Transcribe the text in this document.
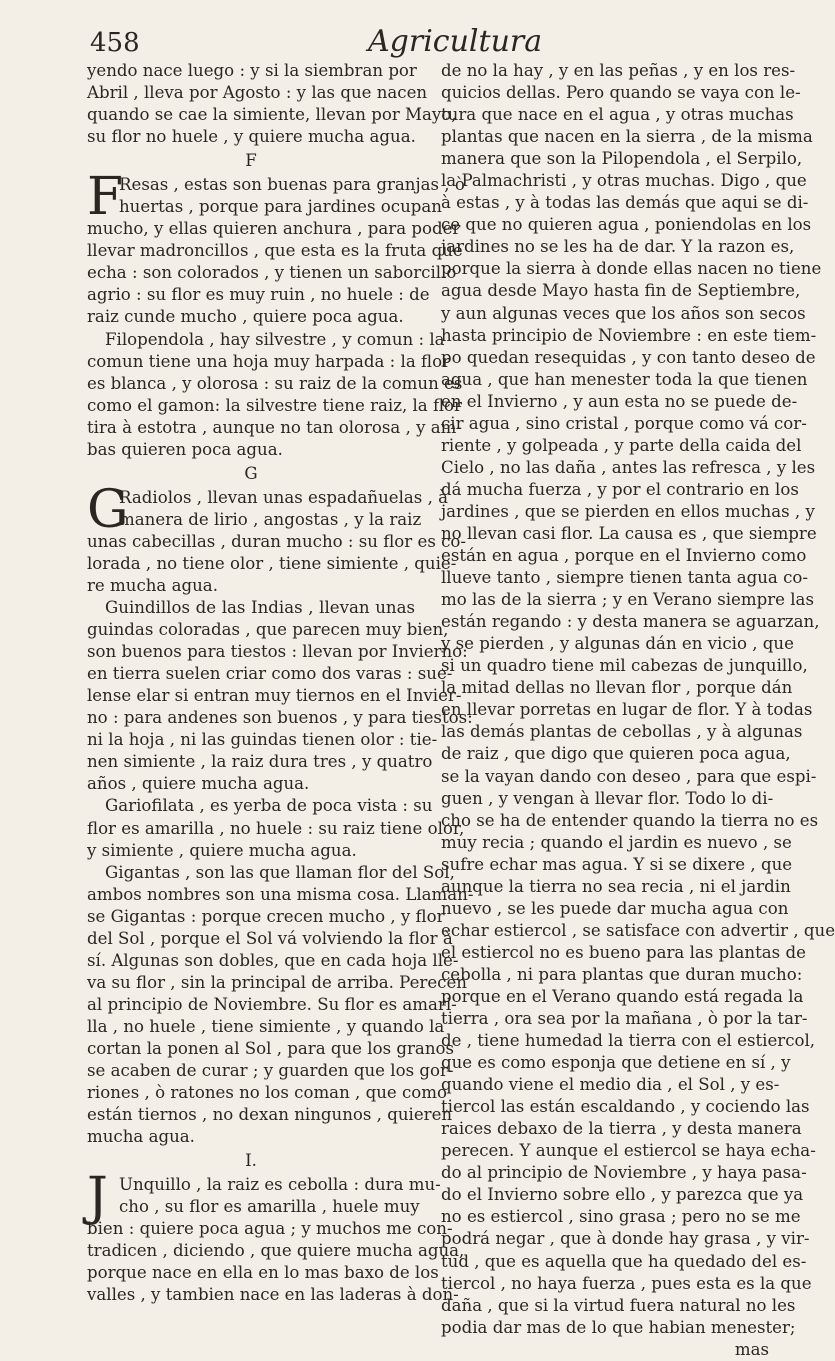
458	Agricultura
yendo nace luego : y si la siembran por
Abril , lleva por Agosto : y las que nacen
quando se cae la simiente, llevan por Mayo,
su flor no huele , y quiere mucha agua.
F
F
Resas , estas son buenas para granjas , ò
huertas , porque para jardines ocupan
mucho, y ellas quieren anchura , para poder
llevar madroncillos , que esta es la fruta que
echa : son colorados , y tienen un saborcillo
agrio : su flor es muy ruin , no huele : de
raiz cunde mucho , quiere poca agua.
Filopendola , hay silvestre , y comun : la
comun tiene una hoja muy harpada : la flor
es blanca , y olorosa : su raiz de la comun es
como el gamon: la silvestre tiene raiz, la flor
tira à estotra , aunque no tan olorosa , y am-
bas quieren poca agua.
G
G
Radiolos , llevan unas espadañuelas , à
manera de lirio , angostas , y la raiz
unas cabecillas , duran mucho : su flor es co-
lorada , no tiene olor , tiene simiente , quie-
re mucha agua.
Guindillos de las Indias , llevan unas
guindas coloradas , que parecen muy bien,
son buenos para tiestos : llevan por Invierno:
en tierra suelen criar como dos varas : sue-
lense elar si entran muy tiernos en el Invier-
no : para andenes son buenos , y para tiestos:
ni la hoja , ni las guindas tienen olor : tie-
nen simiente , la raiz dura tres , y quatro
años , quiere mucha agua.
Gariofilata , es yerba de poca vista : su
flor es amarilla , no huele : su raiz tiene olor,
y simiente , quiere mucha agua.
Gigantas , son las que llaman flor del Sol,
ambos nombres son una misma cosa. Llaman-
se Gigantas : porque crecen mucho , y flor
del Sol , porque el Sol vá volviendo la flor à
sí. Algunas son dobles, que en cada hoja lle-
va su flor , sin la principal de arriba. Perecen
al principio de Noviembre. Su flor es amari-
lla , no huele , tiene simiente , y quando la
cortan la ponen al Sol , para que los granos
se acaben de curar ; y guarden que los gor-
riones , ò ratones no los coman , que como
están tiernos , no dexan ningunos , quieren
mucha agua.
I.
J Unquillo , la raiz es cebolla : dura mu-
cho , su flor es amarilla , huele muy
bien : quiere poca agua ; y muchos me con-
tradicen , diciendo , que quiere mucha agua,
porque nace en ella en lo mas baxo de los
valles , y tambien nace en las laderas à don-
de no la hay , y en las peñas , y en los res-
quicios dellas. Pero quando se vaya con le-
tura que nace en el agua , y otras muchas
plantas que nacen en la sierra , de la misma
manera que son la Pilopendola , el Serpilo,
la Palmachristi , y otras muchas. Digo , que
à estas , y à todas las demás que aqui se di-
ce que no quieren agua , poniendolas en los
jardines no se les ha de dar. Y la razon es,
porque la sierra à donde ellas nacen no tiene
agua desde Mayo hasta fin de Septiembre,
y aun algunas veces que los años son secos
hasta principio de Noviembre : en este tiem-
po quedan resequidas , y con tanto deseo de
agua , que han menester toda la que tienen
en el Invierno , y aun esta no se puede de-
cir agua , sino cristal , porque como vá cor-
riente , y golpeada , y parte della caida del
Cielo , no las daña , antes las refresca , y les
dá mucha fuerza , y por el contrario en los
jardines , que se pierden en ellos muchas , y
no llevan casi flor. La causa es , que siempre
están en agua , porque en el Invierno como
llueve tanto , siempre tienen tanta agua co-
mo las de la sierra ; y en Verano siempre las
están regando : y desta manera se aguarzan,
y se pierden , y algunas dán en vicio , que
si un quadro tiene mil cabezas de junquillo,
la mitad dellas no llevan flor , porque dán
en llevar porretas en lugar de flor. Y à todas
las demás plantas de cebollas , y à algunas
de raiz , que digo que quieren poca agua,
se la vayan dando con deseo , para que espi-
guen , y vengan à llevar flor. Todo lo di-
cho se ha de entender quando la tierra no es
muy recia ; quando el jardin es nuevo , se
sufre echar mas agua. Y si se dixere , que
aunque la tierra no sea recia , ni el jardin
nuevo , se les puede dar mucha agua con
echar estiercol , se satisface con advertir , que
el estiercol no es bueno para las plantas de
cebolla , ni para plantas que duran mucho:
porque en el Verano quando está regada la
tierra , ora sea por la mañana , ò por la tar-
de , tiene humedad la tierra con el estiercol,
que es como esponja que detiene en sí , y
quando viene el medio dia , el Sol , y es-
tiercol las están escaldando , y cociendo las
raices debaxo de la tierra , y desta manera
perecen. Y aunque el estiercol se haya echa-
do al principio de Noviembre , y haya pasa-
do el Invierno sobre ello , y parezca que ya
no es estiercol , sino grasa ; pero no se me
podrá negar , que à donde hay grasa , y vir-
tud , que es aquella que ha quedado del es-
tiercol , no haya fuerza , pues esta es la que
daña , que si la virtud fuera natural no les
podia dar mas de lo que habian menester;
mas
